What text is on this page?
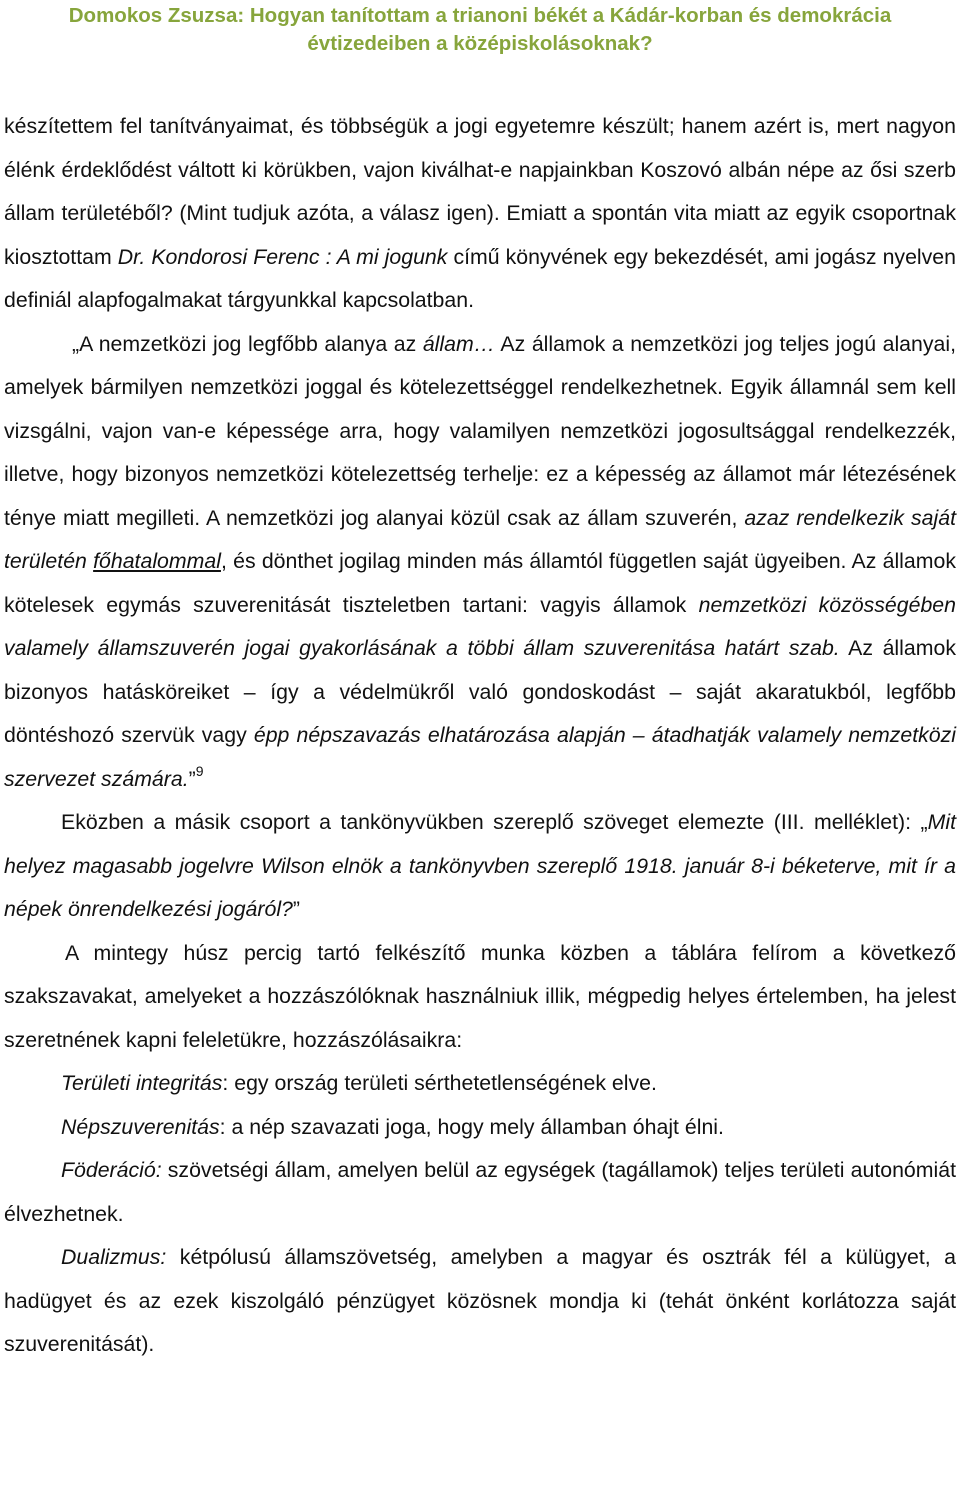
Domokos Zsuzsa: Hogyan tanítottam a trianoni békét a Kádár-korban és demokrácia
évtizedeiben a középiskolásoknak?

készítettem fel tanítványaimat, és többségük a jogi egyetemre készült; hanem azért is, mert nagyon élénk érdeklődést váltott ki körükben, vajon kiválhat-e napjainkban Koszovó albán népe az ősi szerb állam területéből? (Mint tudjuk azóta, a válasz igen). Emiatt a spontán vita miatt az egyik csoportnak kiosztottam Dr. Kondorosi Ferenc : A mi jogunk című könyvének egy bekezdését, ami jogász nyelven definiál alapfogalmakat tárgyunkkal kapcsolatban.

„A nemzetközi jog legfőbb alanya az állam… Az államok a nemzetközi jog teljes jogú alanyai, amelyek bármilyen nemzetközi joggal és kötelezettséggel rendelkezhetnek. Egyik államnál sem kell vizsgálni, vajon van-e képessége arra, hogy valamilyen nemzetközi jogosultsággal rendelkezzék, illetve, hogy bizonyos nemzetközi kötelezettség terhelje: ez a képesség az államot már létezésének ténye miatt megilleti. A nemzetközi jog alanyai közül csak az állam szuverén, azaz rendelkezik saját területén főhatalommal, és dönthet jogilag minden más államtól független saját ügyeiben. Az államok kötelesek egymás szuverenitását tiszteletben tartani: vagyis államok nemzetközi közösségében valamely államszuverén jogai gyakorlásának a többi állam szuverenitása határt szab. Az államok bizonyos hatásköreiket – így a védelmükről való gondoskodást – saját akaratukból, legfőbb döntéshozó szervük vagy épp népszavazás elhatározása alapján – átadhatják valamely nemzetközi szervezet számára.”$^9$

Eközben a másik csoport a tankönyvükben szereplő szöveget elemezte (III. melléklet): „Mit helyez magasabb jogelvre Wilson elnök a tankönyvben szereplő 1918. január 8-i béketerve, mit ír a népek önrendelkezési jogáról?”

A mintegy húsz percig tartó felkészítő munka közben a táblára felírom a következő szakszavakat, amelyeket a hozzászólóknak használniuk illik, mégpedig helyes értelemben, ha jelest szeretnének kapni feleletükre, hozzászólásaikra:

Területi integritás: egy ország területi sérthetetlenségének elve.

Népszuverenitás: a nép szavazati joga, hogy mely államban óhajt élni.

Föderáció: szövetségi állam, amelyen belül az egységek (tagállamok) teljes területi autonómiát élvezhetnek.

Dualizmus: kétpólusú államszövetség, amelyben a magyar és osztrák fél a külügyet, a hadügyet és az ezek kiszolgáló pénzügyet közösnek mondja ki (tehát önként korlátozza saját szuverenitását).
